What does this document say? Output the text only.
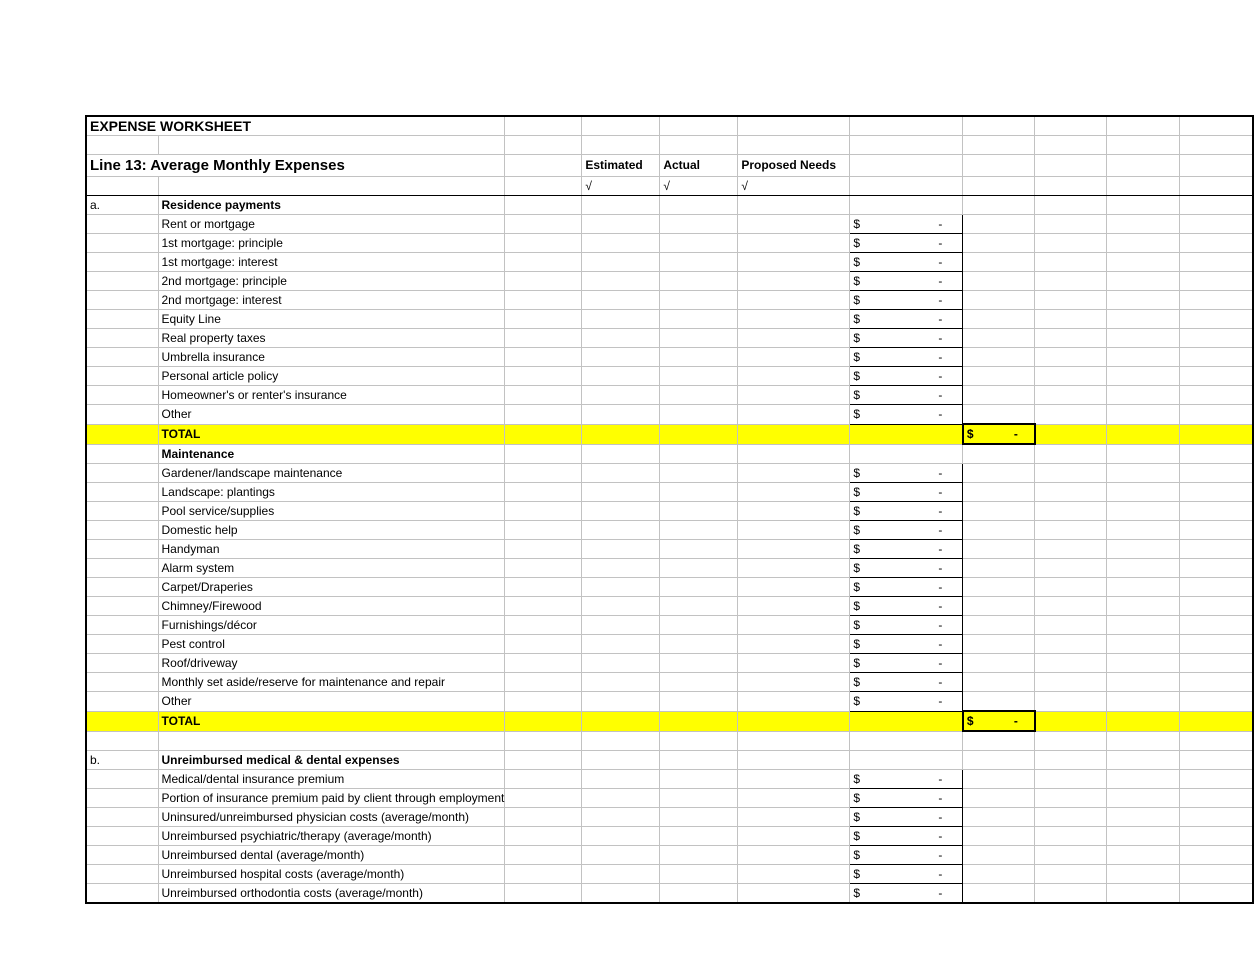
EXPENSE WORKSHEET										

Line 13: Average Monthly Expenses			Estimated	Actual	Proposed Needs					
			√	√	√					
a.	Residence payments									
	Rent or mortgage					$ -				

	1st mortgage: principle					$ -				

	1st mortgage: interest					$ -				

	2nd mortgage: principle					$ -				

	2nd mortgage: interest					$ -				

	Equity Line					$ -				

	Real property taxes					$ -				

	Umbrella insurance					$ -				

	Personal article policy					$ -				

	Homeowner's or renter's insurance					$ -				

	Other					$ -				

	TOTAL						$ -			

	Maintenance									
	Gardener/landscape maintenance					$ -				

	Landscape: plantings					$ -				

	Pool service/supplies					$ -				

	Domestic help					$ -				

	Handyman					$ -				

	Alarm system					$ -				

	Carpet/Draperies					$ -				

	Chimney/Firewood					$ -				

	Furnishings/décor					$ -				

	Pest control					$ -				

	Roof/driveway					$ -				

	Monthly set aside/reserve for maintenance and repair					$ -				

	Other					$ -				

	TOTAL						$ -			

b.	Unreimbursed medical & dental expenses									
	Medical/dental insurance premium					$ -				

	Portion of insurance premium paid by client through employment					$ -				

	Uninsured/unreimbursed physician costs (average/month)					$ -				

	Unreimbursed psychiatric/therapy (average/month)					$ -				

	Unreimbursed dental (average/month)					$ -				

	Unreimbursed hospital costs (average/month)					$ -				

	Unreimbursed orthodontia costs (average/month)					$ -				
